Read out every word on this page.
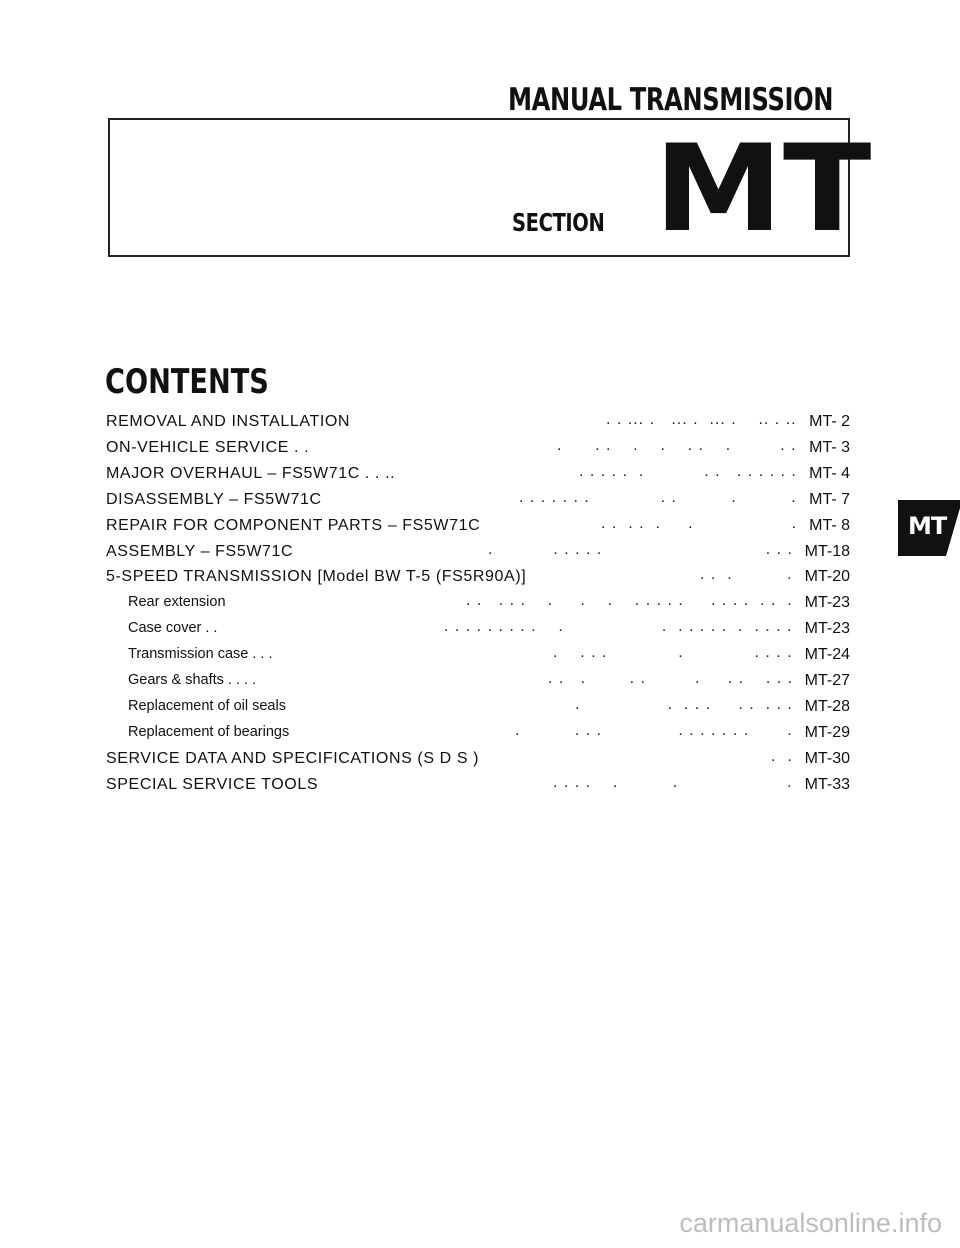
MANUAL TRANSMISSION
SECTION MT
CONTENTS
REMOVAL AND INSTALLATION	. . ... .   ... .  ... .    .. . .. MT- 2
ON-VEHICLE SERVICE . .	.      . .    .    .    . .    .         . . MT- 3
MAJOR OVERHAUL – FS5W71C . . ..	. . . . .  .           . .   . . . . . . MT- 4
DISASSEMBLY – FS5W71C	. . . . . . .             . .          .          . MT- 7
REPAIR FOR COMPONENT PARTS – FS5W71C	. .  . .  .     .                  . MT- 8
ASSEMBLY – FS5W71C	.           . . . . .                              . . . MT-18
5-SPEED TRANSMISSION [Model BW T-5 (FS5R90A)]	. .  .          . MT-20
Rear extension	. .   . . .    .     .    .    . . . . .     . . . .  . .  . MT-23
Case cover . .	. . . . . . . . .    .                  .  . . . . .  .  . . . . MT-23
Transmission case . . .	.    . . .             .             . . . . MT-24
Gears & shafts . . . .	. .   .        . .         .     . .    . . . MT-27
Replacement of oil seals	.                .  . . .     . .  . . . MT-28
Replacement of bearings	.          . . .              . . . . . . .       . MT-29
SERVICE DATA AND SPECIFICATIONS (S D S )	.  . MT-30
SPECIAL SERVICE TOOLS	. . . .    .          .                    . MT-33
MT
carmanualsonline.info
